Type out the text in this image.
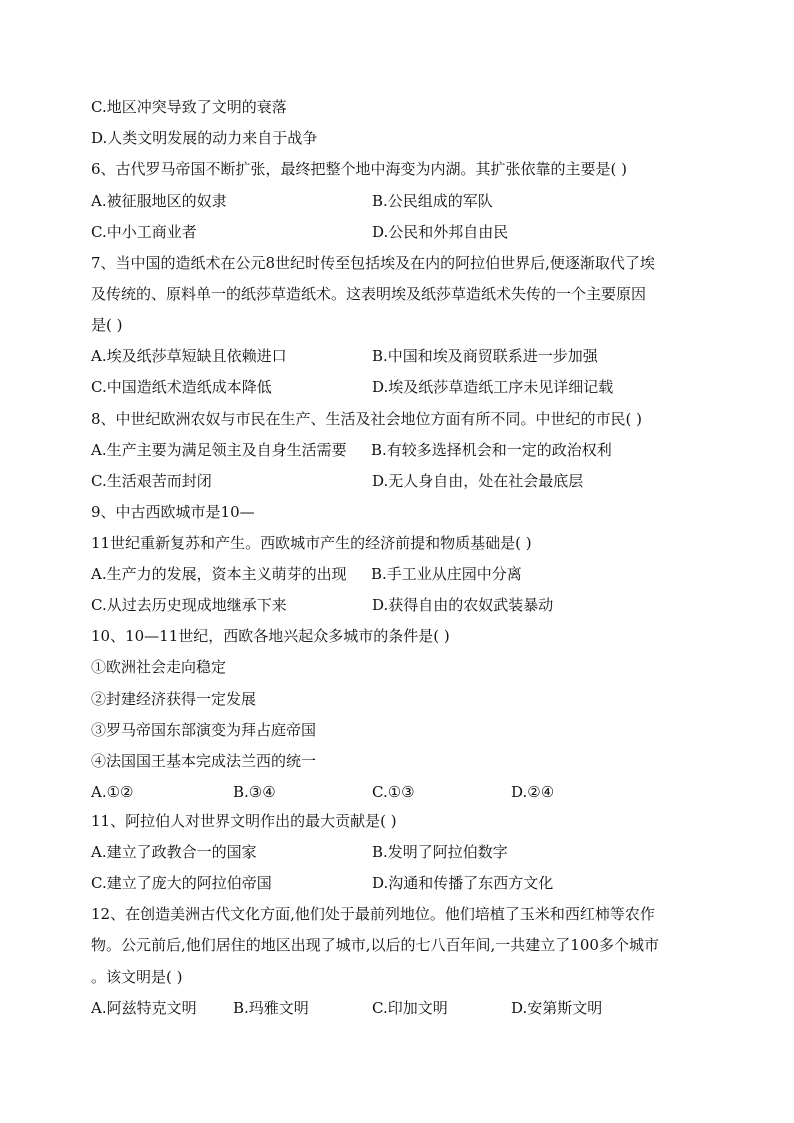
C.地区冲突导致了文明的衰落
D.人类文明发展的动力来自于战争
6、古代罗马帝国不断扩张，最终把整个地中海变为内湖。其扩张依靠的主要是( )
A.被征服地区的奴隶	B.公民组成的军队
C.中小工商业者	D.公民和外邦自由民
7、当中国的造纸术在公元8世纪时传至包括埃及在内的阿拉伯世界后,便逐渐取代了埃
及传统的、原料单一的纸莎草造纸术。这表明埃及纸莎草造纸术失传的一个主要原因
是( )
A.埃及纸莎草短缺且依赖进口	B.中国和埃及商贸联系进一步加强
C.中国造纸术造纸成本降低	D.埃及纸莎草造纸工序未见详细记载
8、中世纪欧洲农奴与市民在生产、生活及社会地位方面有所不同。中世纪的市民( )
A.生产主要为满足领主及自身生活需要 B.有较多选择机会和一定的政治权利
C.生活艰苦而封闭	D.无人身自由，处在社会最底层
9、中古西欧城市是10—
11世纪重新复苏和产生。西欧城市产生的经济前提和物质基础是( )
A.生产力的发展，资本主义萌芽的出现 B.手工业从庄园中分离
C.从过去历史现成地继承下来	D.获得自由的农奴武装暴动
10、10—11世纪，西欧各地兴起众多城市的条件是( )
①欧洲社会走向稳定
②封建经济获得一定发展
③罗马帝国东部演变为拜占庭帝国
④法国国王基本完成法兰西的统一
A.①②	B.③④	C.①③	D.②④
11、阿拉伯人对世界文明作出的最大贡献是( )
A.建立了政教合一的国家	B.发明了阿拉伯数字
C.建立了庞大的阿拉伯帝国	D.沟通和传播了东西方文化
12、在创造美洲古代文化方面,他们处于最前列地位。他们培植了玉米和西红柿等农作
物。公元前后,他们居住的地区出现了城市,以后的七八百年间,一共建立了100多个城市
。该文明是( )
A.阿兹特克文明 B.玛雅文明	C.印加文明	D.安第斯文明
